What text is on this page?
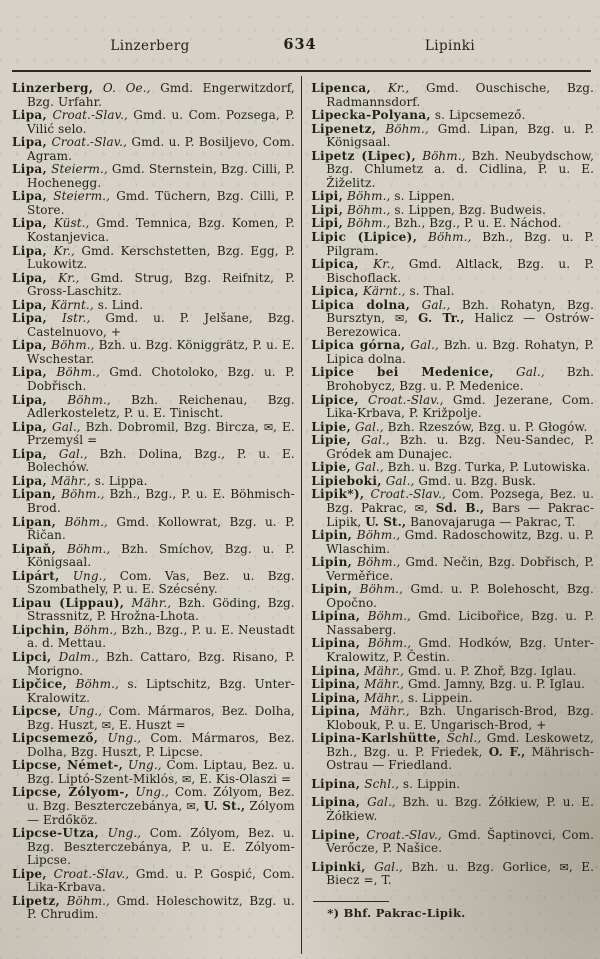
Linzerberg	634	Lipinki
Linzerberg, O. Oe., Gmd. Engerwitzdorf, Bzg. Urfahr.
Lipa, Croat.-Slav., Gmd. u. Com. Pozsega, P. Vilić selo.
Lipa, Croat.-Slav., Gmd. u. P. Bosiljevo, Com. Agram.
Lipa, Steierm., Gmd. Sternstein, Bzg. Cilli, P. Hochenegg.
Lipa, Steierm., Gmd. Tüchern, Bzg. Cilli, P. Store.
Lipa, Küst., Gmd. Temnica, Bzg. Komen, P. Kostanjevica.
Lipa, Kr., Gmd. Kerschstetten, Bzg. Egg, P. Lukowitz.
Lipa, Kr., Gmd. Strug, Bzg. Reifnitz, P. Gross-Laschitz.
Lipa, Kärnt., s. Lind.
Lipa, Istr., Gmd. u. P. Jelšane, Bzg. Castelnuovo, +
Lipa, Böhm., Bzh. u. Bzg. Königgrätz, P. u. E. Wschestar.
Lipa, Böhm., Gmd. Chotoloko, Bzg. u. P. Dobřisch.
Lipa, Böhm., Bzh. Reichenau, Bzg. Adlerkosteletz, P. u. E. Tinischt.
Lipa, Gal., Bzh. Dobromil, Bzg. Bircza, ✉, E. Przemyśl =
Lipa, Gal., Bzh. Dolina, Bzg., P. u. E. Bolechów.
Lipa, Mähr., s. Lippa.
Lipan, Böhm., Bzh., Bzg., P. u. E. Böhmisch-Brod.
Lipan, Böhm., Gmd. Kollowrat, Bzg. u. P. Řičan.
Lipaň, Böhm., Bzh. Smíchov, Bzg. u. P. Königsaal.
Lipárt, Ung., Com. Vas, Bez. u. Bzg. Szombathely, P. u. E. Szécsény.
Lipau (Lippau), Mähr., Bzh. Göding, Bzg. Strassnitz, P. Hrožna-Lhota.
Lipchin, Böhm., Bzh., Bzg., P. u. E. Neustadt a. d. Mettau.
Lipci, Dalm., Bzh. Cattaro, Bzg. Risano, P. Morigno.
Lipčice, Böhm., s. Liptschitz, Bzg. Unter-Kralowitz.
Lipcse, Ung., Com. Mármaros, Bez. Dolha, Bzg. Huszt, ✉, E. Huszt =
Lipcsemező, Ung., Com. Mármaros, Bez. Dolha, Bzg. Huszt, P. Lipcse.
Lipcse, Német-, Ung., Com. Liptau, Bez. u. Bzg. Liptó-Szent-Miklós, ✉, E. Kis-Olaszi =
Lipcse, Zólyom-, Ung., Com. Zólyom, Bez. u. Bzg. Beszterczebánya, ✉, U. St., Zólyom — Erdőköz.
Lipcse-Utza, Ung., Com. Zólyom, Bez. u. Bzg. Beszterczebánya, P. u. E. Zólyom-Lipcse.
Lipe, Croat.-Slav., Gmd. u. P. Gospić, Com. Lika-Krbava.
Lipetz, Böhm., Gmd. Holeschowitz, Bzg. u. P. Chrudim.
Lipenca, Kr., Gmd. Ouschische, Bzg. Radmannsdorf.
Lipecka-Polyana, s. Lipcsemező.
Lipenetz, Böhm., Gmd. Lipan, Bzg. u. P. Königsaal.
Lipetz (Lipec), Böhm., Bzh. Neubydschow, Bzg. Chlumetz a. d. Cidlina, P. u. E. Žiželitz.
Lipi, Böhm., s. Lippen.
Lipi, Böhm., s. Lippen, Bzg. Budweis.
Lipi, Böhm., Bzh., Bzg., P. u. E. Náchod.
Lipic (Lipice), Böhm., Bzh., Bzg. u. P. Pilgram.
Lipica, Kr., Gmd. Altlack, Bzg. u. P. Bischoflack.
Lipica, Kärnt., s. Thal.
Lipica dolna, Gal., Bzh. Rohatyn, Bzg. Bursztyn, ✉, G. Tr., Halicz — Ostrów-Berezowica.
Lipica górna, Gal., Bzh. u. Bzg. Rohatyn, P. Lipica dolna.
Lipice bei Medenice, Gal., Bzh. Brohobycz, Bzg. u. P. Medenice.
Lipice, Croat.-Slav., Gmd. Jezerane, Com. Lika-Krbava, P. Križpolje.
Lipie, Gal., Bzh. Rzeszów, Bzg. u. P. Głogów.
Lipie, Gal., Bzh. u. Bzg. Neu-Sandec, P. Gródek am Dunajec.
Lipie, Gal., Bzh. u. Bzg. Turka, P. Lutowiska.
Lipieboki, Gal., Gmd. u. Bzg. Busk.
Lipik*), Croat.-Slav., Com. Pozsega, Bez. u. Bzg. Pakrac, ✉, Sd. B., Bars — Pakrac-Lipik, U. St., Banovajaruga — Pakrac, T.
Lipin, Böhm., Gmd. Radoschowitz, Bzg. u. P. Wlaschim.
Lipin, Böhm., Gmd. Nečin, Bzg. Dobřisch, P. Verměřice.
Lipin, Böhm., Gmd. u. P. Bolehoscht, Bzg. Opočno.
Lipina, Böhm., Gmd. Licibořice, Bzg. u. P. Nassaberg.
Lipina, Böhm., Gmd. Hodków, Bzg. Unter-Kralowitz, P. Čestin.
Lipina, Mähr., Gmd. u. P. Zhoř, Bzg. Iglau.
Lipina, Mähr., Gmd. Jamny, Bzg. u. P. Iglau.
Lipina, Mähr., s. Lippein.
Lipina, Mähr., Bzh. Ungarisch-Brod, Bzg. Klobouk, P. u. E. Ungarisch-Brod, +
Lipina-Karlshütte, Schl., Gmd. Leskowetz, Bzh., Bzg. u. P. Friedek, O. F., Mährisch-Ostrau — Friedland.
Lipina, Schl., s. Lippin.
Lipina, Gal., Bzh. u. Bzg. Żółkiew, P. u. E. Żółkiew.
Lipine, Croat.-Slav., Gmd. Šaptinovci, Com. Verőcze, P. Našice.
Lipinki, Gal., Bzh. u. Bzg. Gorlice, ✉, E. Biecz =, T.
*) Bhf. Pakrac-Lipik.
